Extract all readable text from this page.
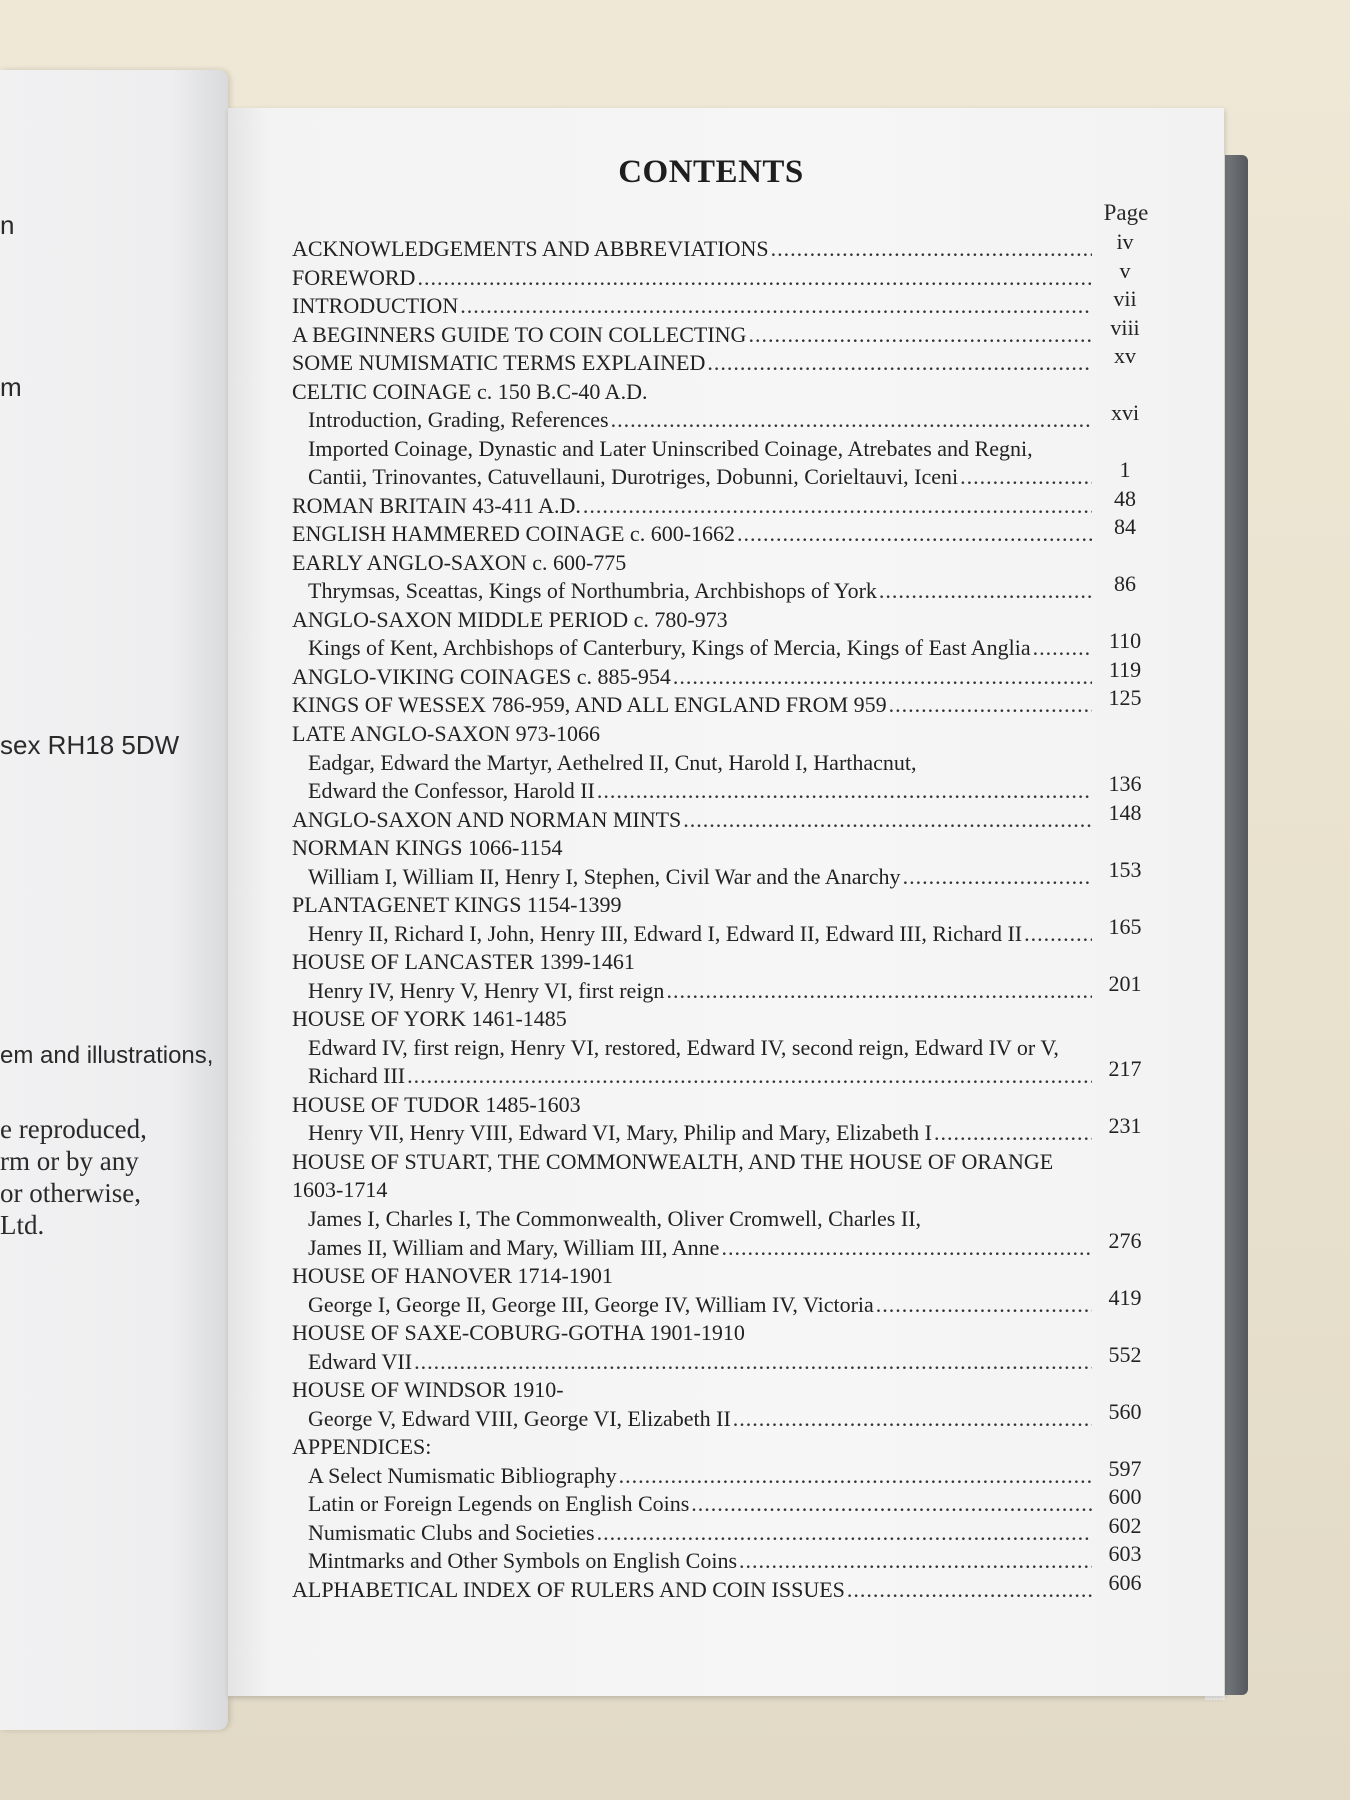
n
m
sex RH18 5DW
em and illustrations,
e reproduced,
rm or by any
or otherwise,
Ltd.
CONTENTS
Page
ACKNOWLEDGEMENTS AND ABBREVIATIONS .....	iv
FOREWORD .....	v
INTRODUCTION .....	vii
A BEGINNERS GUIDE TO COIN COLLECTING .....	viii
SOME NUMISMATIC TERMS EXPLAINED .....	xv
CELTIC COINAGE c. 150 B.C-40 A.D.
Introduction, Grading, References .....	xvi
Imported Coinage, Dynastic and Later Uninscribed Coinage, Atrebates and Regni,
Cantii, Trinovantes, Catuvellauni, Durotriges, Dobunni, Corieltauvi, Iceni .....	1
ROMAN BRITAIN 43-411 A.D. .....	48
ENGLISH HAMMERED COINAGE c. 600-1662 .....	84
EARLY ANGLO-SAXON c. 600-775
Thrymsas, Sceattas, Kings of Northumbria, Archbishops of York .....	86
ANGLO-SAXON MIDDLE PERIOD c. 780-973
Kings of Kent, Archbishops of Canterbury, Kings of Mercia, Kings of East Anglia .....	110
ANGLO-VIKING COINAGES c. 885-954 .....	119
KINGS OF WESSEX 786-959, AND ALL ENGLAND FROM 959 .....	125
LATE ANGLO-SAXON 973-1066
Eadgar, Edward the Martyr, Aethelred II, Cnut, Harold I, Harthacnut,
Edward the Confessor, Harold II .....	136
ANGLO-SAXON AND NORMAN MINTS .....	148
NORMAN KINGS 1066-1154
William I, William II, Henry I, Stephen, Civil War and the Anarchy .....	153
PLANTAGENET KINGS 1154-1399
Henry II, Richard I, John, Henry III, Edward I, Edward II, Edward III, Richard II .....	165
HOUSE OF LANCASTER 1399-1461
Henry IV, Henry V, Henry VI, first reign .....	201
HOUSE OF YORK 1461-1485
Edward IV, first reign, Henry VI, restored, Edward IV, second reign, Edward IV or V,
Richard III .....	217
HOUSE OF TUDOR 1485-1603
Henry VII, Henry VIII, Edward VI, Mary, Philip and Mary, Elizabeth I .....	231
HOUSE OF STUART, THE COMMONWEALTH, AND THE HOUSE OF ORANGE
1603-1714
James I, Charles I, The Commonwealth, Oliver Cromwell, Charles II,
James II, William and Mary, William III, Anne .....	276
HOUSE OF HANOVER 1714-1901
George I, George II, George III, George IV, William IV, Victoria .....	419
HOUSE OF SAXE-COBURG-GOTHA 1901-1910
Edward VII .....	552
HOUSE OF WINDSOR 1910-
George V, Edward VIII, George VI, Elizabeth II .....	560
APPENDICES:
A Select Numismatic Bibliography .....	597
Latin or Foreign Legends on English Coins .....	600
Numismatic Clubs and Societies .....	602
Mintmarks and Other Symbols on English Coins .....	603
ALPHABETICAL INDEX OF RULERS AND COIN ISSUES .....	606
